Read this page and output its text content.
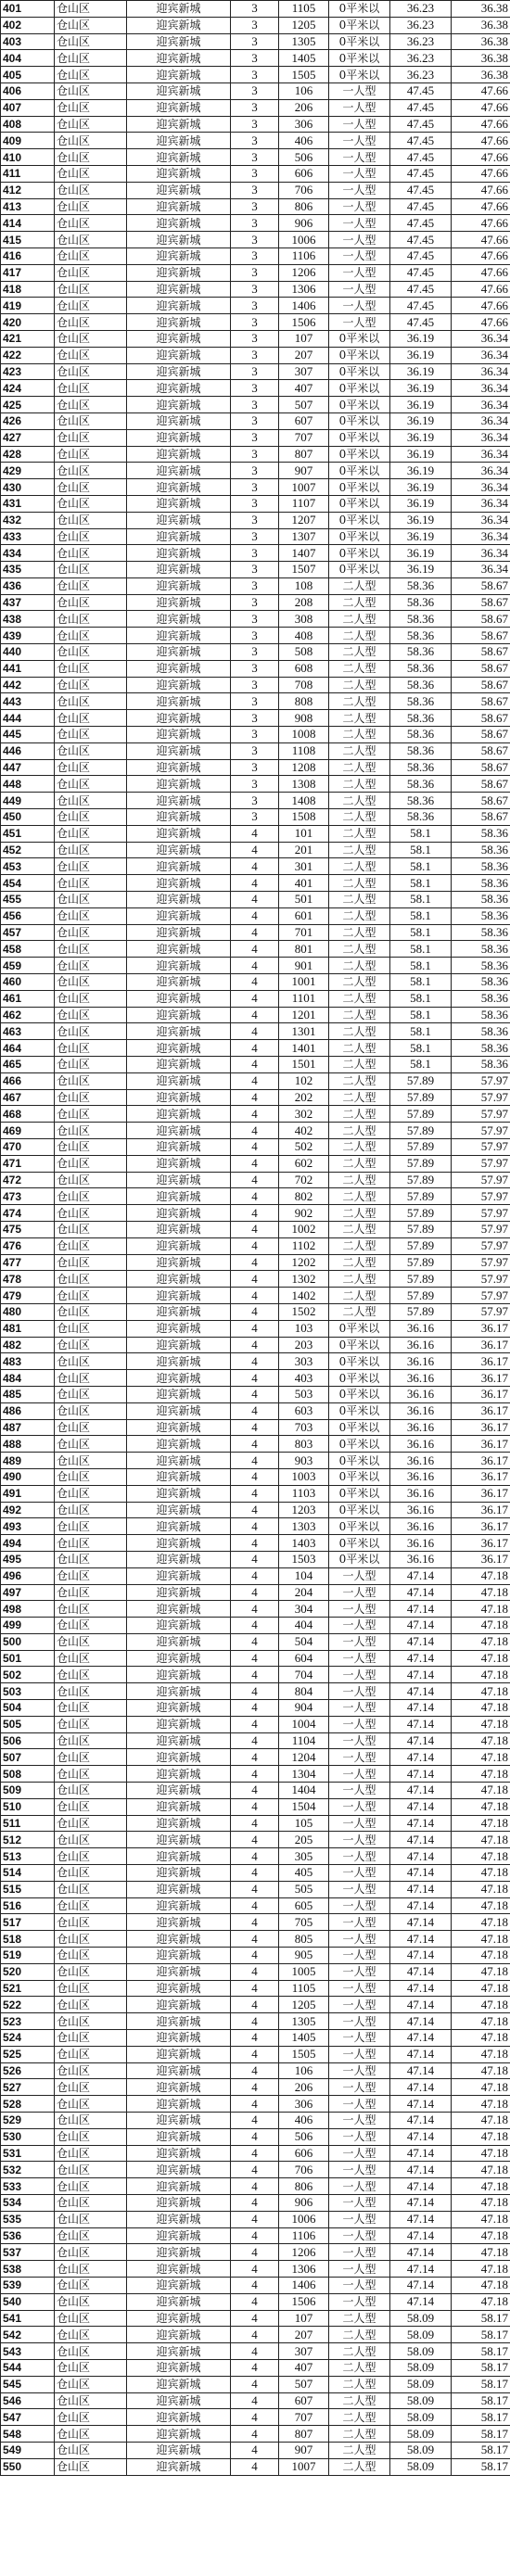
401	仓山区	迎宾新城	3	1105	0平米以	36.23	36.38
402	仓山区	迎宾新城	3	1205	0平米以	36.23	36.38
403	仓山区	迎宾新城	3	1305	0平米以	36.23	36.38
404	仓山区	迎宾新城	3	1405	0平米以	36.23	36.38
405	仓山区	迎宾新城	3	1505	0平米以	36.23	36.38
406	仓山区	迎宾新城	3	106	一人型	47.45	47.66
407	仓山区	迎宾新城	3	206	一人型	47.45	47.66
408	仓山区	迎宾新城	3	306	一人型	47.45	47.66
409	仓山区	迎宾新城	3	406	一人型	47.45	47.66
410	仓山区	迎宾新城	3	506	一人型	47.45	47.66
411	仓山区	迎宾新城	3	606	一人型	47.45	47.66
412	仓山区	迎宾新城	3	706	一人型	47.45	47.66
413	仓山区	迎宾新城	3	806	一人型	47.45	47.66
414	仓山区	迎宾新城	3	906	一人型	47.45	47.66
415	仓山区	迎宾新城	3	1006	一人型	47.45	47.66
416	仓山区	迎宾新城	3	1106	一人型	47.45	47.66
417	仓山区	迎宾新城	3	1206	一人型	47.45	47.66
418	仓山区	迎宾新城	3	1306	一人型	47.45	47.66
419	仓山区	迎宾新城	3	1406	一人型	47.45	47.66
420	仓山区	迎宾新城	3	1506	一人型	47.45	47.66
421	仓山区	迎宾新城	3	107	0平米以	36.19	36.34
422	仓山区	迎宾新城	3	207	0平米以	36.19	36.34
423	仓山区	迎宾新城	3	307	0平米以	36.19	36.34
424	仓山区	迎宾新城	3	407	0平米以	36.19	36.34
425	仓山区	迎宾新城	3	507	0平米以	36.19	36.34
426	仓山区	迎宾新城	3	607	0平米以	36.19	36.34
427	仓山区	迎宾新城	3	707	0平米以	36.19	36.34
428	仓山区	迎宾新城	3	807	0平米以	36.19	36.34
429	仓山区	迎宾新城	3	907	0平米以	36.19	36.34
430	仓山区	迎宾新城	3	1007	0平米以	36.19	36.34
431	仓山区	迎宾新城	3	1107	0平米以	36.19	36.34
432	仓山区	迎宾新城	3	1207	0平米以	36.19	36.34
433	仓山区	迎宾新城	3	1307	0平米以	36.19	36.34
434	仓山区	迎宾新城	3	1407	0平米以	36.19	36.34
435	仓山区	迎宾新城	3	1507	0平米以	36.19	36.34
436	仓山区	迎宾新城	3	108	二人型	58.36	58.67
437	仓山区	迎宾新城	3	208	二人型	58.36	58.67
438	仓山区	迎宾新城	3	308	二人型	58.36	58.67
439	仓山区	迎宾新城	3	408	二人型	58.36	58.67
440	仓山区	迎宾新城	3	508	二人型	58.36	58.67
441	仓山区	迎宾新城	3	608	二人型	58.36	58.67
442	仓山区	迎宾新城	3	708	二人型	58.36	58.67
443	仓山区	迎宾新城	3	808	二人型	58.36	58.67
444	仓山区	迎宾新城	3	908	二人型	58.36	58.67
445	仓山区	迎宾新城	3	1008	二人型	58.36	58.67
446	仓山区	迎宾新城	3	1108	二人型	58.36	58.67
447	仓山区	迎宾新城	3	1208	二人型	58.36	58.67
448	仓山区	迎宾新城	3	1308	二人型	58.36	58.67
449	仓山区	迎宾新城	3	1408	二人型	58.36	58.67
450	仓山区	迎宾新城	3	1508	二人型	58.36	58.67
451	仓山区	迎宾新城	4	101	二人型	58.1	58.36
452	仓山区	迎宾新城	4	201	二人型	58.1	58.36
453	仓山区	迎宾新城	4	301	二人型	58.1	58.36
454	仓山区	迎宾新城	4	401	二人型	58.1	58.36
455	仓山区	迎宾新城	4	501	二人型	58.1	58.36
456	仓山区	迎宾新城	4	601	二人型	58.1	58.36
457	仓山区	迎宾新城	4	701	二人型	58.1	58.36
458	仓山区	迎宾新城	4	801	二人型	58.1	58.36
459	仓山区	迎宾新城	4	901	二人型	58.1	58.36
460	仓山区	迎宾新城	4	1001	二人型	58.1	58.36
461	仓山区	迎宾新城	4	1101	二人型	58.1	58.36
462	仓山区	迎宾新城	4	1201	二人型	58.1	58.36
463	仓山区	迎宾新城	4	1301	二人型	58.1	58.36
464	仓山区	迎宾新城	4	1401	二人型	58.1	58.36
465	仓山区	迎宾新城	4	1501	二人型	58.1	58.36
466	仓山区	迎宾新城	4	102	二人型	57.89	57.97
467	仓山区	迎宾新城	4	202	二人型	57.89	57.97
468	仓山区	迎宾新城	4	302	二人型	57.89	57.97
469	仓山区	迎宾新城	4	402	二人型	57.89	57.97
470	仓山区	迎宾新城	4	502	二人型	57.89	57.97
471	仓山区	迎宾新城	4	602	二人型	57.89	57.97
472	仓山区	迎宾新城	4	702	二人型	57.89	57.97
473	仓山区	迎宾新城	4	802	二人型	57.89	57.97
474	仓山区	迎宾新城	4	902	二人型	57.89	57.97
475	仓山区	迎宾新城	4	1002	二人型	57.89	57.97
476	仓山区	迎宾新城	4	1102	二人型	57.89	57.97
477	仓山区	迎宾新城	4	1202	二人型	57.89	57.97
478	仓山区	迎宾新城	4	1302	二人型	57.89	57.97
479	仓山区	迎宾新城	4	1402	二人型	57.89	57.97
480	仓山区	迎宾新城	4	1502	二人型	57.89	57.97
481	仓山区	迎宾新城	4	103	0平米以	36.16	36.17
482	仓山区	迎宾新城	4	203	0平米以	36.16	36.17
483	仓山区	迎宾新城	4	303	0平米以	36.16	36.17
484	仓山区	迎宾新城	4	403	0平米以	36.16	36.17
485	仓山区	迎宾新城	4	503	0平米以	36.16	36.17
486	仓山区	迎宾新城	4	603	0平米以	36.16	36.17
487	仓山区	迎宾新城	4	703	0平米以	36.16	36.17
488	仓山区	迎宾新城	4	803	0平米以	36.16	36.17
489	仓山区	迎宾新城	4	903	0平米以	36.16	36.17
490	仓山区	迎宾新城	4	1003	0平米以	36.16	36.17
491	仓山区	迎宾新城	4	1103	0平米以	36.16	36.17
492	仓山区	迎宾新城	4	1203	0平米以	36.16	36.17
493	仓山区	迎宾新城	4	1303	0平米以	36.16	36.17
494	仓山区	迎宾新城	4	1403	0平米以	36.16	36.17
495	仓山区	迎宾新城	4	1503	0平米以	36.16	36.17
496	仓山区	迎宾新城	4	104	一人型	47.14	47.18
497	仓山区	迎宾新城	4	204	一人型	47.14	47.18
498	仓山区	迎宾新城	4	304	一人型	47.14	47.18
499	仓山区	迎宾新城	4	404	一人型	47.14	47.18
500	仓山区	迎宾新城	4	504	一人型	47.14	47.18
501	仓山区	迎宾新城	4	604	一人型	47.14	47.18
502	仓山区	迎宾新城	4	704	一人型	47.14	47.18
503	仓山区	迎宾新城	4	804	一人型	47.14	47.18
504	仓山区	迎宾新城	4	904	一人型	47.14	47.18
505	仓山区	迎宾新城	4	1004	一人型	47.14	47.18
506	仓山区	迎宾新城	4	1104	一人型	47.14	47.18
507	仓山区	迎宾新城	4	1204	一人型	47.14	47.18
508	仓山区	迎宾新城	4	1304	一人型	47.14	47.18
509	仓山区	迎宾新城	4	1404	一人型	47.14	47.18
510	仓山区	迎宾新城	4	1504	一人型	47.14	47.18
511	仓山区	迎宾新城	4	105	一人型	47.14	47.18
512	仓山区	迎宾新城	4	205	一人型	47.14	47.18
513	仓山区	迎宾新城	4	305	一人型	47.14	47.18
514	仓山区	迎宾新城	4	405	一人型	47.14	47.18
515	仓山区	迎宾新城	4	505	一人型	47.14	47.18
516	仓山区	迎宾新城	4	605	一人型	47.14	47.18
517	仓山区	迎宾新城	4	705	一人型	47.14	47.18
518	仓山区	迎宾新城	4	805	一人型	47.14	47.18
519	仓山区	迎宾新城	4	905	一人型	47.14	47.18
520	仓山区	迎宾新城	4	1005	一人型	47.14	47.18
521	仓山区	迎宾新城	4	1105	一人型	47.14	47.18
522	仓山区	迎宾新城	4	1205	一人型	47.14	47.18
523	仓山区	迎宾新城	4	1305	一人型	47.14	47.18
524	仓山区	迎宾新城	4	1405	一人型	47.14	47.18
525	仓山区	迎宾新城	4	1505	一人型	47.14	47.18
526	仓山区	迎宾新城	4	106	一人型	47.14	47.18
527	仓山区	迎宾新城	4	206	一人型	47.14	47.18
528	仓山区	迎宾新城	4	306	一人型	47.14	47.18
529	仓山区	迎宾新城	4	406	一人型	47.14	47.18
530	仓山区	迎宾新城	4	506	一人型	47.14	47.18
531	仓山区	迎宾新城	4	606	一人型	47.14	47.18
532	仓山区	迎宾新城	4	706	一人型	47.14	47.18
533	仓山区	迎宾新城	4	806	一人型	47.14	47.18
534	仓山区	迎宾新城	4	906	一人型	47.14	47.18
535	仓山区	迎宾新城	4	1006	一人型	47.14	47.18
536	仓山区	迎宾新城	4	1106	一人型	47.14	47.18
537	仓山区	迎宾新城	4	1206	一人型	47.14	47.18
538	仓山区	迎宾新城	4	1306	一人型	47.14	47.18
539	仓山区	迎宾新城	4	1406	一人型	47.14	47.18
540	仓山区	迎宾新城	4	1506	一人型	47.14	47.18
541	仓山区	迎宾新城	4	107	二人型	58.09	58.17
542	仓山区	迎宾新城	4	207	二人型	58.09	58.17
543	仓山区	迎宾新城	4	307	二人型	58.09	58.17
544	仓山区	迎宾新城	4	407	二人型	58.09	58.17
545	仓山区	迎宾新城	4	507	二人型	58.09	58.17
546	仓山区	迎宾新城	4	607	二人型	58.09	58.17
547	仓山区	迎宾新城	4	707	二人型	58.09	58.17
548	仓山区	迎宾新城	4	807	二人型	58.09	58.17
549	仓山区	迎宾新城	4	907	二人型	58.09	58.17
550	仓山区	迎宾新城	4	1007	二人型	58.09	58.17
